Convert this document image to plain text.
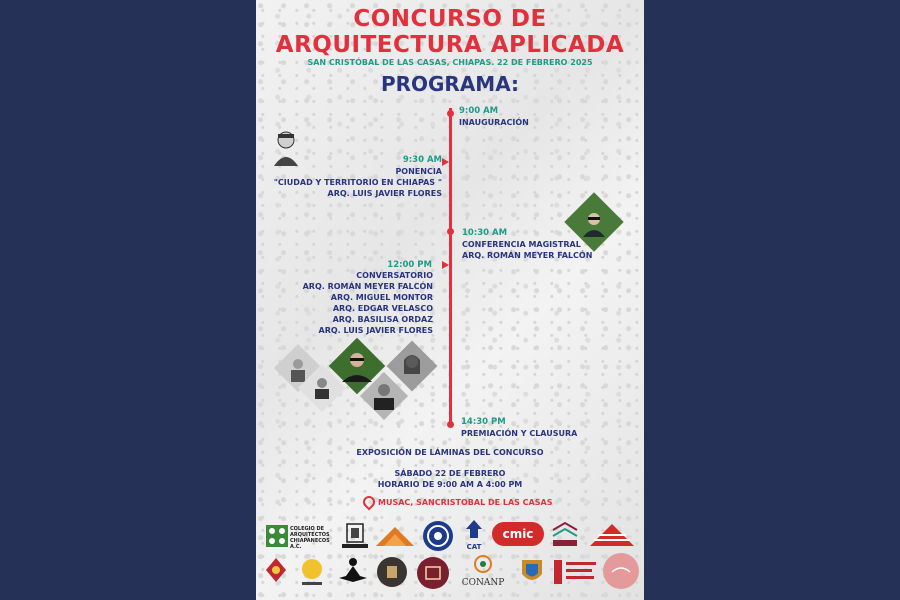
CONCURSO DE
ARQUITECTURA APLICADA
SAN CRISTÓBAL DE LAS CASAS, CHIAPAS. 22 DE FEBRERO 2025
PROGRAMA:
9:00 AM
INAUGURACIÓN
9:30 AM
PONENCIA
"CIUDAD Y TERRITORIO EN CHIAPAS "
ARQ. LUIS JAVIER FLORES
10:30 AM
CONFERENCIA MAGISTRAL
ARQ. ROMÁN MEYER FALCÓN
12:00 PM
CONVERSATORIO
ARQ. ROMÁN MEYER FALCÓN
ARQ. MIGUEL MONTOR
ARQ. EDGAR VELASCO
ARQ. BASILISA ORDAZ
ARQ. LUIS JAVIER FLORES
14:30 PM
PREMIACIÓN Y CLAUSURA
EXPOSICIÓN DE LÁMINAS DEL CONCURSO
SÁBADO 22 DE FEBRERO
HORARIO DE 9:00 AM A 4:00 PM
MUSAC, SANCRISTOBAL DE LAS CASAS
COLEGIO DE ARQUITECTOS CHIAPANECOS A.C.	CAT
cmic
CONANP
